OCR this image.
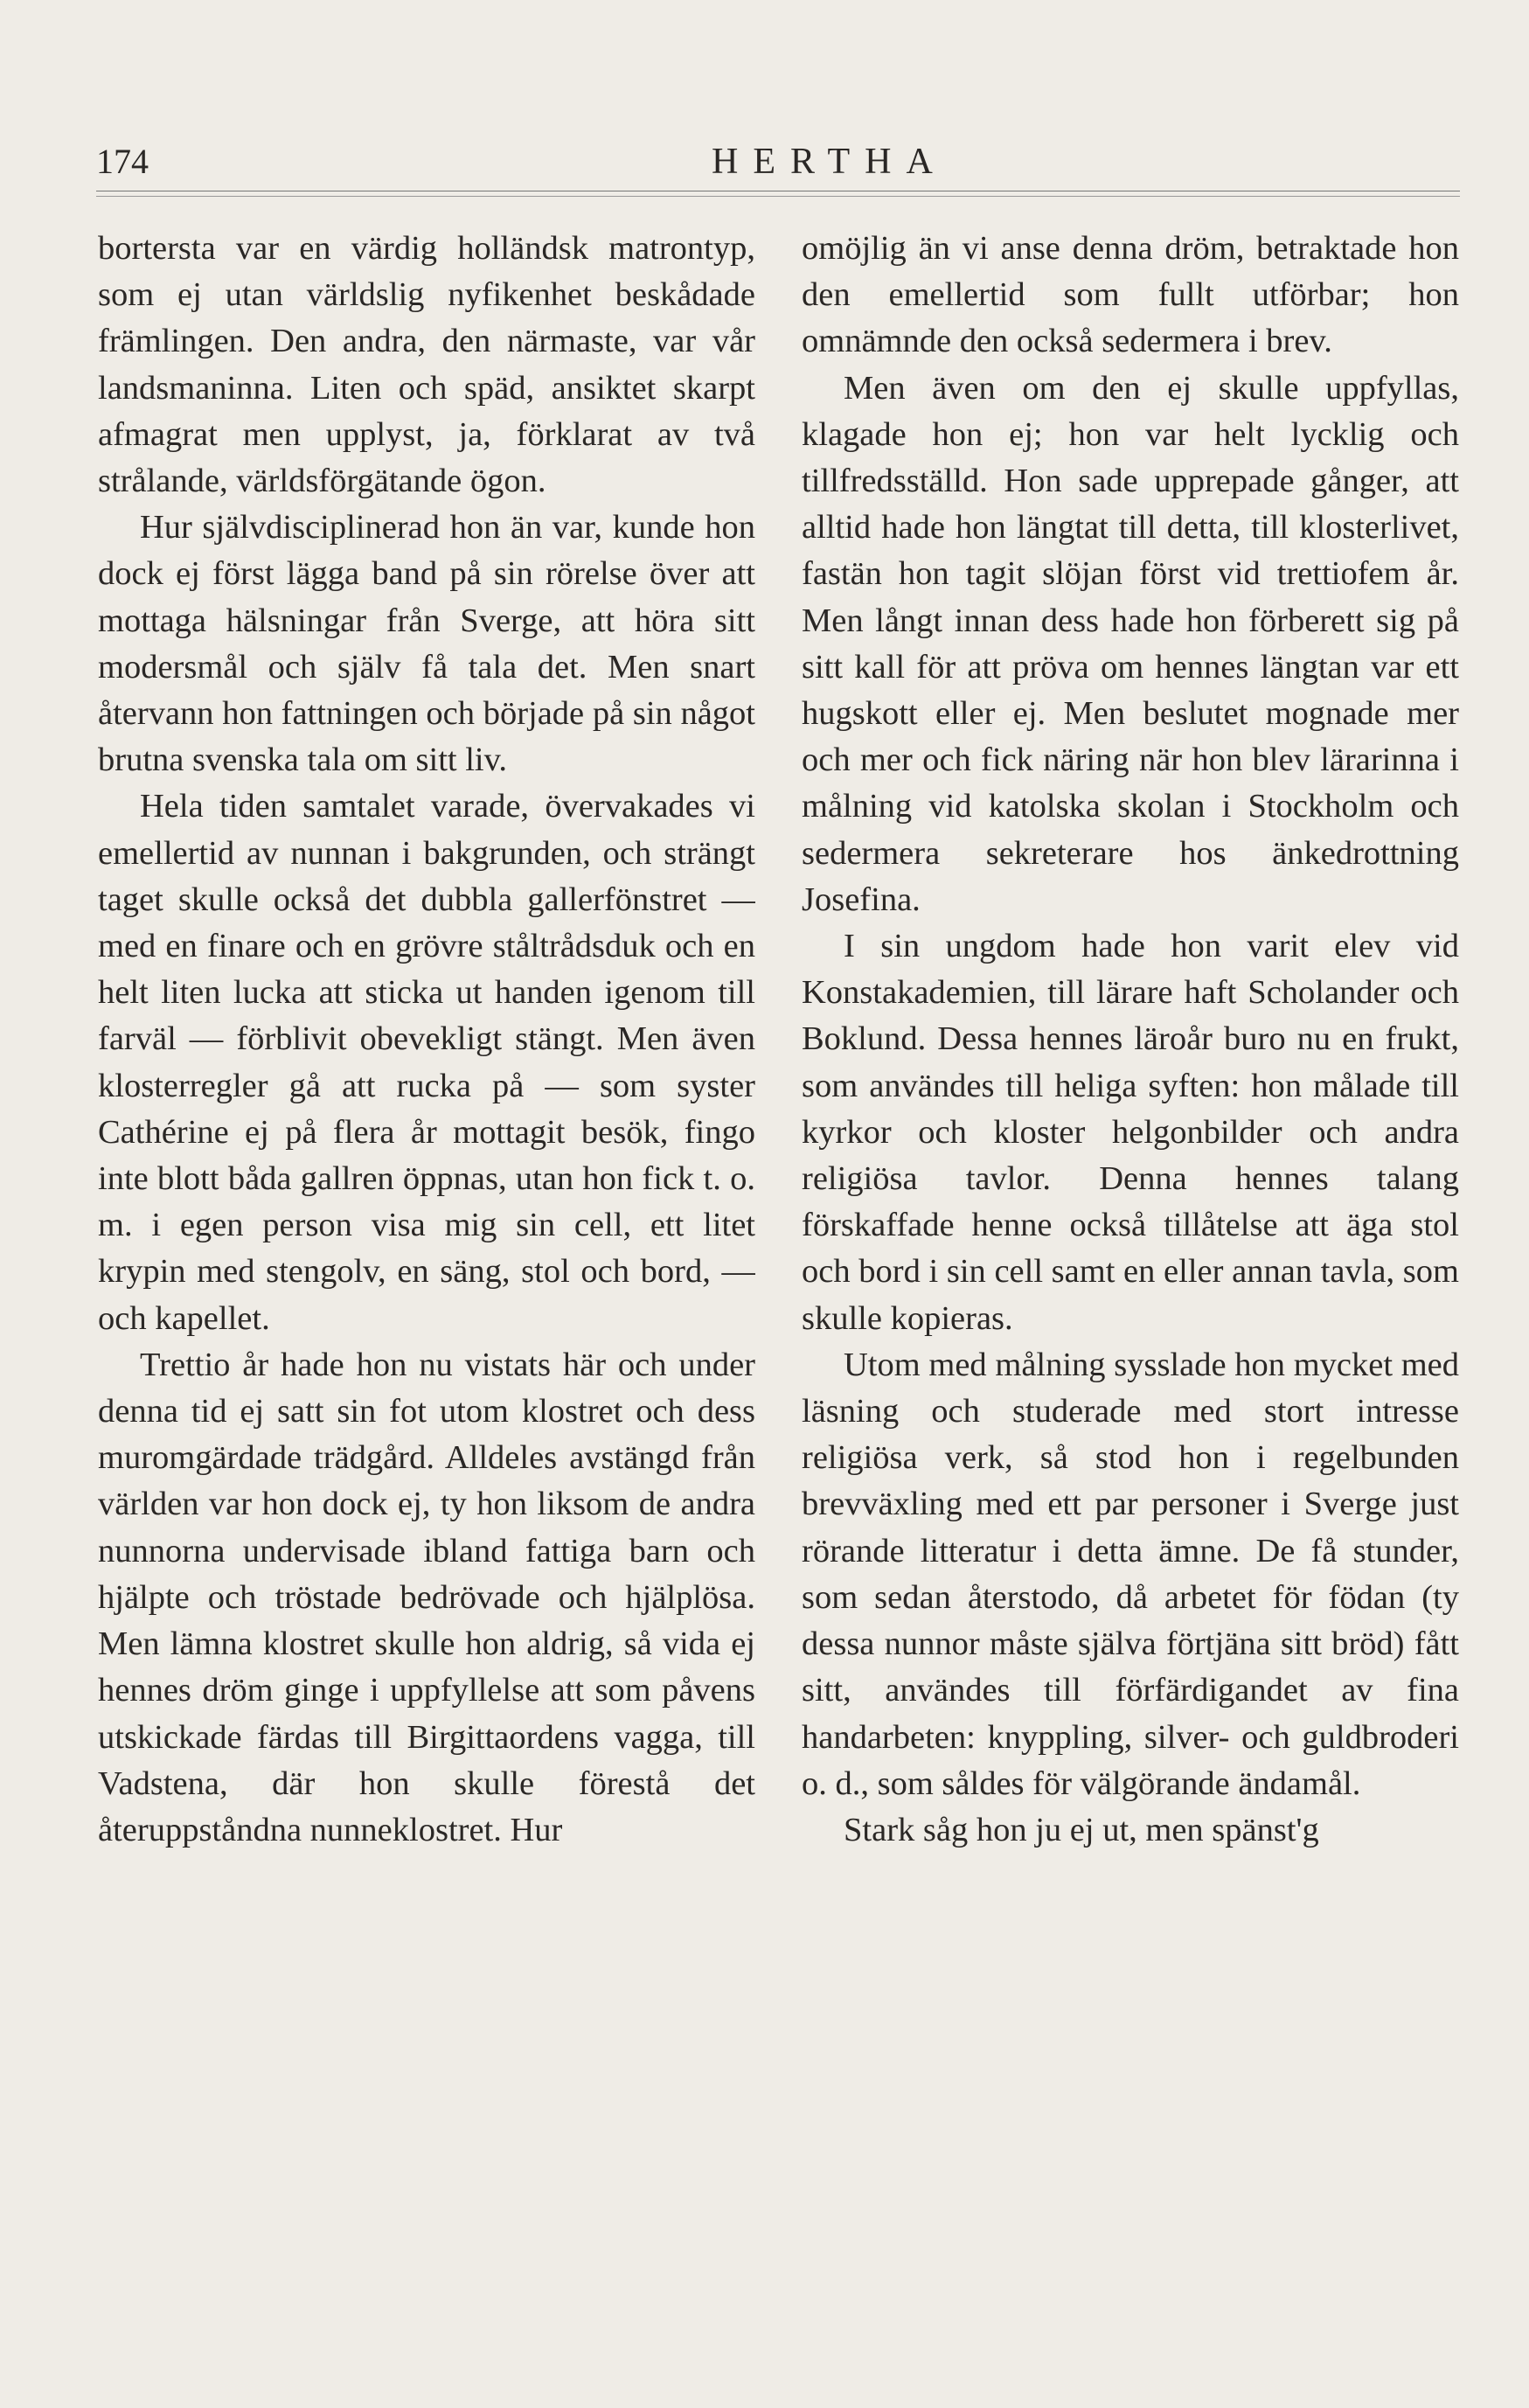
174	HERTHA

bortersta var en värdig holländsk matrontyp, som ej utan världslig nyfikenhet beskådade främlingen. Den andra, den närmaste, var vår landsmaninna. Liten och späd, ansiktet skarpt afmagrat men upplyst, ja, förklarat av två strålande, världsförgätande ögon.

Hur självdisciplinerad hon än var, kunde hon dock ej först lägga band på sin rörelse över att mottaga hälsningar från Sverge, att höra sitt modersmål och själv få tala det. Men snart återvann hon fattningen och började på sin något brutna svenska tala om sitt liv.

Hela tiden samtalet varade, övervakades vi emellertid av nunnan i bakgrunden, och strängt taget skulle också det dubbla gallerfönstret — med en finare och en grövre ståltrådsduk och en helt liten lucka att sticka ut handen igenom till farväl — förblivit obevekligt stängt. Men även klosterregler gå att rucka på — som syster Cathérine ej på flera år mottagit besök, fingo inte blott båda gallren öppnas, utan hon fick t. o. m. i egen person visa mig sin cell, ett litet krypin med stengolv, en säng, stol och bord, — och kapellet.

Trettio år hade hon nu vistats här och under denna tid ej satt sin fot utom klostret och dess muromgärdade trädgård. Alldeles avstängd från världen var hon dock ej, ty hon liksom de andra nunnorna undervisade ibland fattiga barn och hjälpte och tröstade bedrövade och hjälplösa. Men lämna klostret skulle hon aldrig, så vida ej hennes dröm ginge i uppfyllelse att som påvens utskickade färdas till Birgittaordens vagga, till Vadstena, där hon skulle förestå det återuppståndna nunneklostret. Hur

omöjlig än vi anse denna dröm, betraktade hon den emellertid som fullt utförbar; hon omnämnde den också sedermera i brev.

Men även om den ej skulle uppfyllas, klagade hon ej; hon var helt lycklig och tillfredsställd. Hon sade upprepade gånger, att alltid hade hon längtat till detta, till klosterlivet, fastän hon tagit slöjan först vid trettiofem år. Men långt innan dess hade hon förberett sig på sitt kall för att pröva om hennes längtan var ett hugskott eller ej. Men beslutet mognade mer och mer och fick näring när hon blev lärarinna i målning vid katolska skolan i Stockholm och sedermera sekreterare hos änkedrottning Josefina.

I sin ungdom hade hon varit elev vid Konstakademien, till lärare haft Scholander och Boklund. Dessa hennes läroår buro nu en frukt, som användes till heliga syften: hon målade till kyrkor och kloster helgonbilder och andra religiösa tavlor. Denna hennes talang förskaffade henne också tillåtelse att äga stol och bord i sin cell samt en eller annan tavla, som skulle kopieras.

Utom med målning sysslade hon mycket med läsning och studerade med stort intresse religiösa verk, så stod hon i regelbunden brevväxling med ett par personer i Sverge just rörande litteratur i detta ämne. De få stunder, som sedan återstodo, då arbetet för födan (ty dessa nunnor måste själva förtjäna sitt bröd) fått sitt, användes till förfärdigandet av fina handarbeten: knyppling, silver- och guldbroderi o. d., som såldes för välgörande ändamål.

Stark såg hon ju ej ut, men spänst'g
